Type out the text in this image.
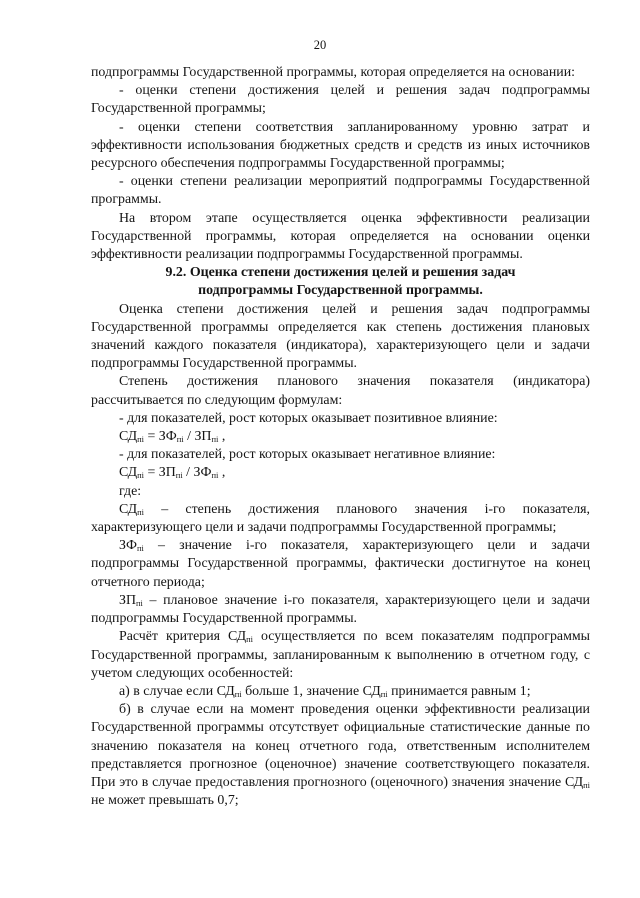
20

подпрограммы Государственной программы, которая определяется на основании:

- оценки степени достижения целей и решения задач подпрограммы Государственной программы;

- оценки степени соответствия запланированному уровню затрат и эффективности использования бюджетных средств и средств из иных источников ресурсного обеспечения подпрограммы Государственной программы;

- оценки степени реализации мероприятий подпрограммы Государственной программы.

На втором этапе осуществляется оценка эффективности реализации Государственной программы, которая определяется на основании оценки эффективности реализации подпрограммы Государственной программы.

9.2. Оценка степени достижения целей и решения задач
подпрограммы Государственной программы.

Оценка степени достижения целей и решения задач подпрограммы Государственной программы определяется как степень достижения плановых значений каждого показателя (индикатора), характеризующего цели и задачи подпрограммы Государственной программы.

Степень достижения планового значения показателя (индикатора) рассчитывается по следующим формулам:

- для показателей, рост которых оказывает позитивное влияние:

$СД_{пi} = ЗФ_{пi} / ЗП_{пi}$ ,

- для показателей, рост которых оказывает негативное влияние:

$СД_{пi} = ЗП_{пi} / ЗФ_{пi}$ ,

где:

$СД_{пi}$ – степень достижения планового значения i-го показателя, характеризующего цели и задачи подпрограммы Государственной программы;

$ЗФ_{пi}$ – значение i-го показателя, характеризующего цели и задачи подпрограммы Государственной программы, фактически достигнутое на конец отчетного периода;

$ЗП_{пi}$ – плановое значение i-го показателя, характеризующего цели и задачи подпрограммы Государственной программы.

Расчёт критерия $СД_{пi}$ осуществляется по всем показателям подпрограммы Государственной программы, запланированным к выполнению в отчетном году, с учетом следующих особенностей:

а) в случае если $СД_{пi}$ больше 1, значение $СД_{пi}$ принимается равным 1;

б) в случае если на момент проведения оценки эффективности реализации Государственной программы отсутствует официальные статистические данные по значению показателя на конец отчетного года, ответственным исполнителем представляется прогнозное (оценочное) значение соответствующего показателя. При это в случае предоставления прогнозного (оценочного) значения значение $СД_{пi}$ не может превышать 0,7;
